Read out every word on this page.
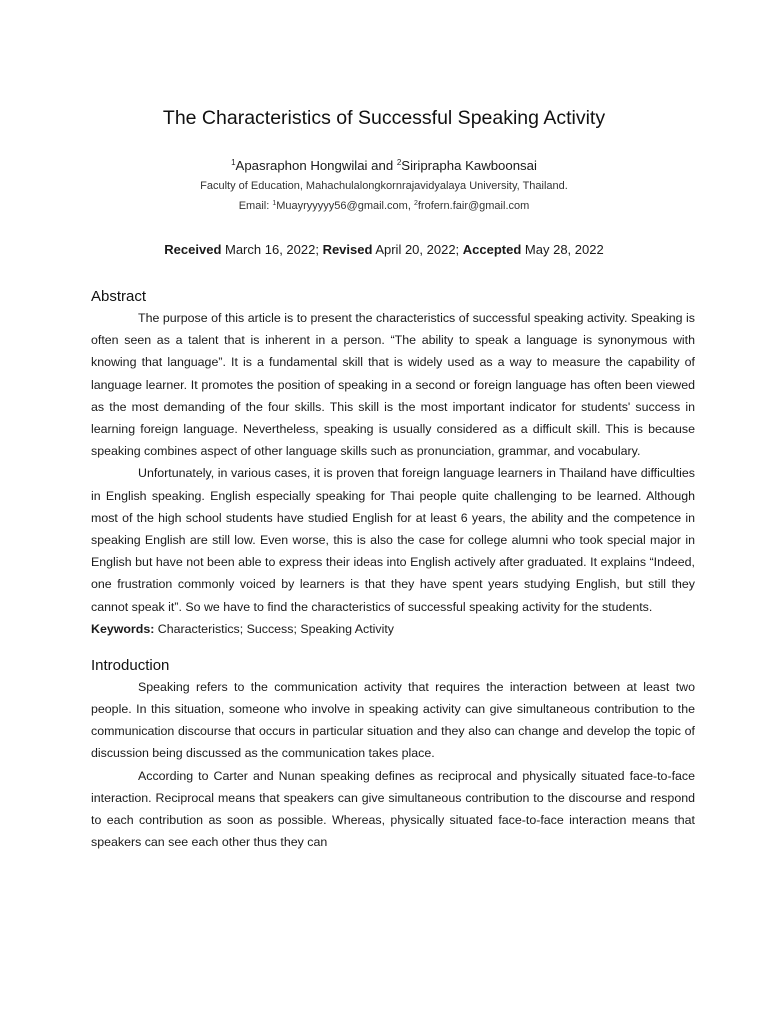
The Characteristics of Successful Speaking Activity
$^1$Apasraphon Hongwilai and $^2$Siriprapha Kawboonsai
Faculty of Education, Mahachulalongkornrajavidyalaya University, Thailand.
Email: $^1$Muayryyyyy56@gmail.com, $^2$frofern.fair@gmail.com
Received March 16, 2022; Revised April 20, 2022; Accepted May 28, 2022
Abstract

The purpose of this article is to present the characteristics of successful speaking activity. Speaking is often seen as a talent that is inherent in a person. “The ability to speak a language is synonymous with knowing that language”. It is a fundamental skill that is widely used as a way to measure the capability of language learner. It promotes the position of speaking in a second or foreign language has often been viewed as the most demanding of the four skills. This skill is the most important indicator for students' success in learning foreign language. Nevertheless, speaking is usually considered as a difficult skill. This is because speaking combines aspect of other language skills such as pronunciation, grammar, and vocabulary.

Unfortunately, in various cases, it is proven that foreign language learners in Thailand have difficulties in English speaking. English especially speaking for Thai people quite challenging to be learned. Although most of the high school students have studied English for at least 6 years, the ability and the competence in speaking English are still low. Even worse, this is also the case for college alumni who took special major in English but have not been able to express their ideas into English actively after graduated. It explains “Indeed, one frustration commonly voiced by learners is that they have spent years studying English, but still they cannot speak it”. So we have to find the characteristics of successful speaking activity for the students.

Keywords: Characteristics; Success; Speaking Activity
Introduction

Speaking refers to the communication activity that requires the interaction between at least two people. In this situation, someone who involve in speaking activity can give simultaneous contribution to the communication discourse that occurs in particular situation and they also can change and develop the topic of discussion being discussed as the communication takes place.

According to Carter and Nunan speaking defines as reciprocal and physically situated face-to-face interaction. Reciprocal means that speakers can give simultaneous contribution to the discourse and respond to each contribution as soon as possible. Whereas, physically situated face-to-face interaction means that speakers can see each other thus they can
